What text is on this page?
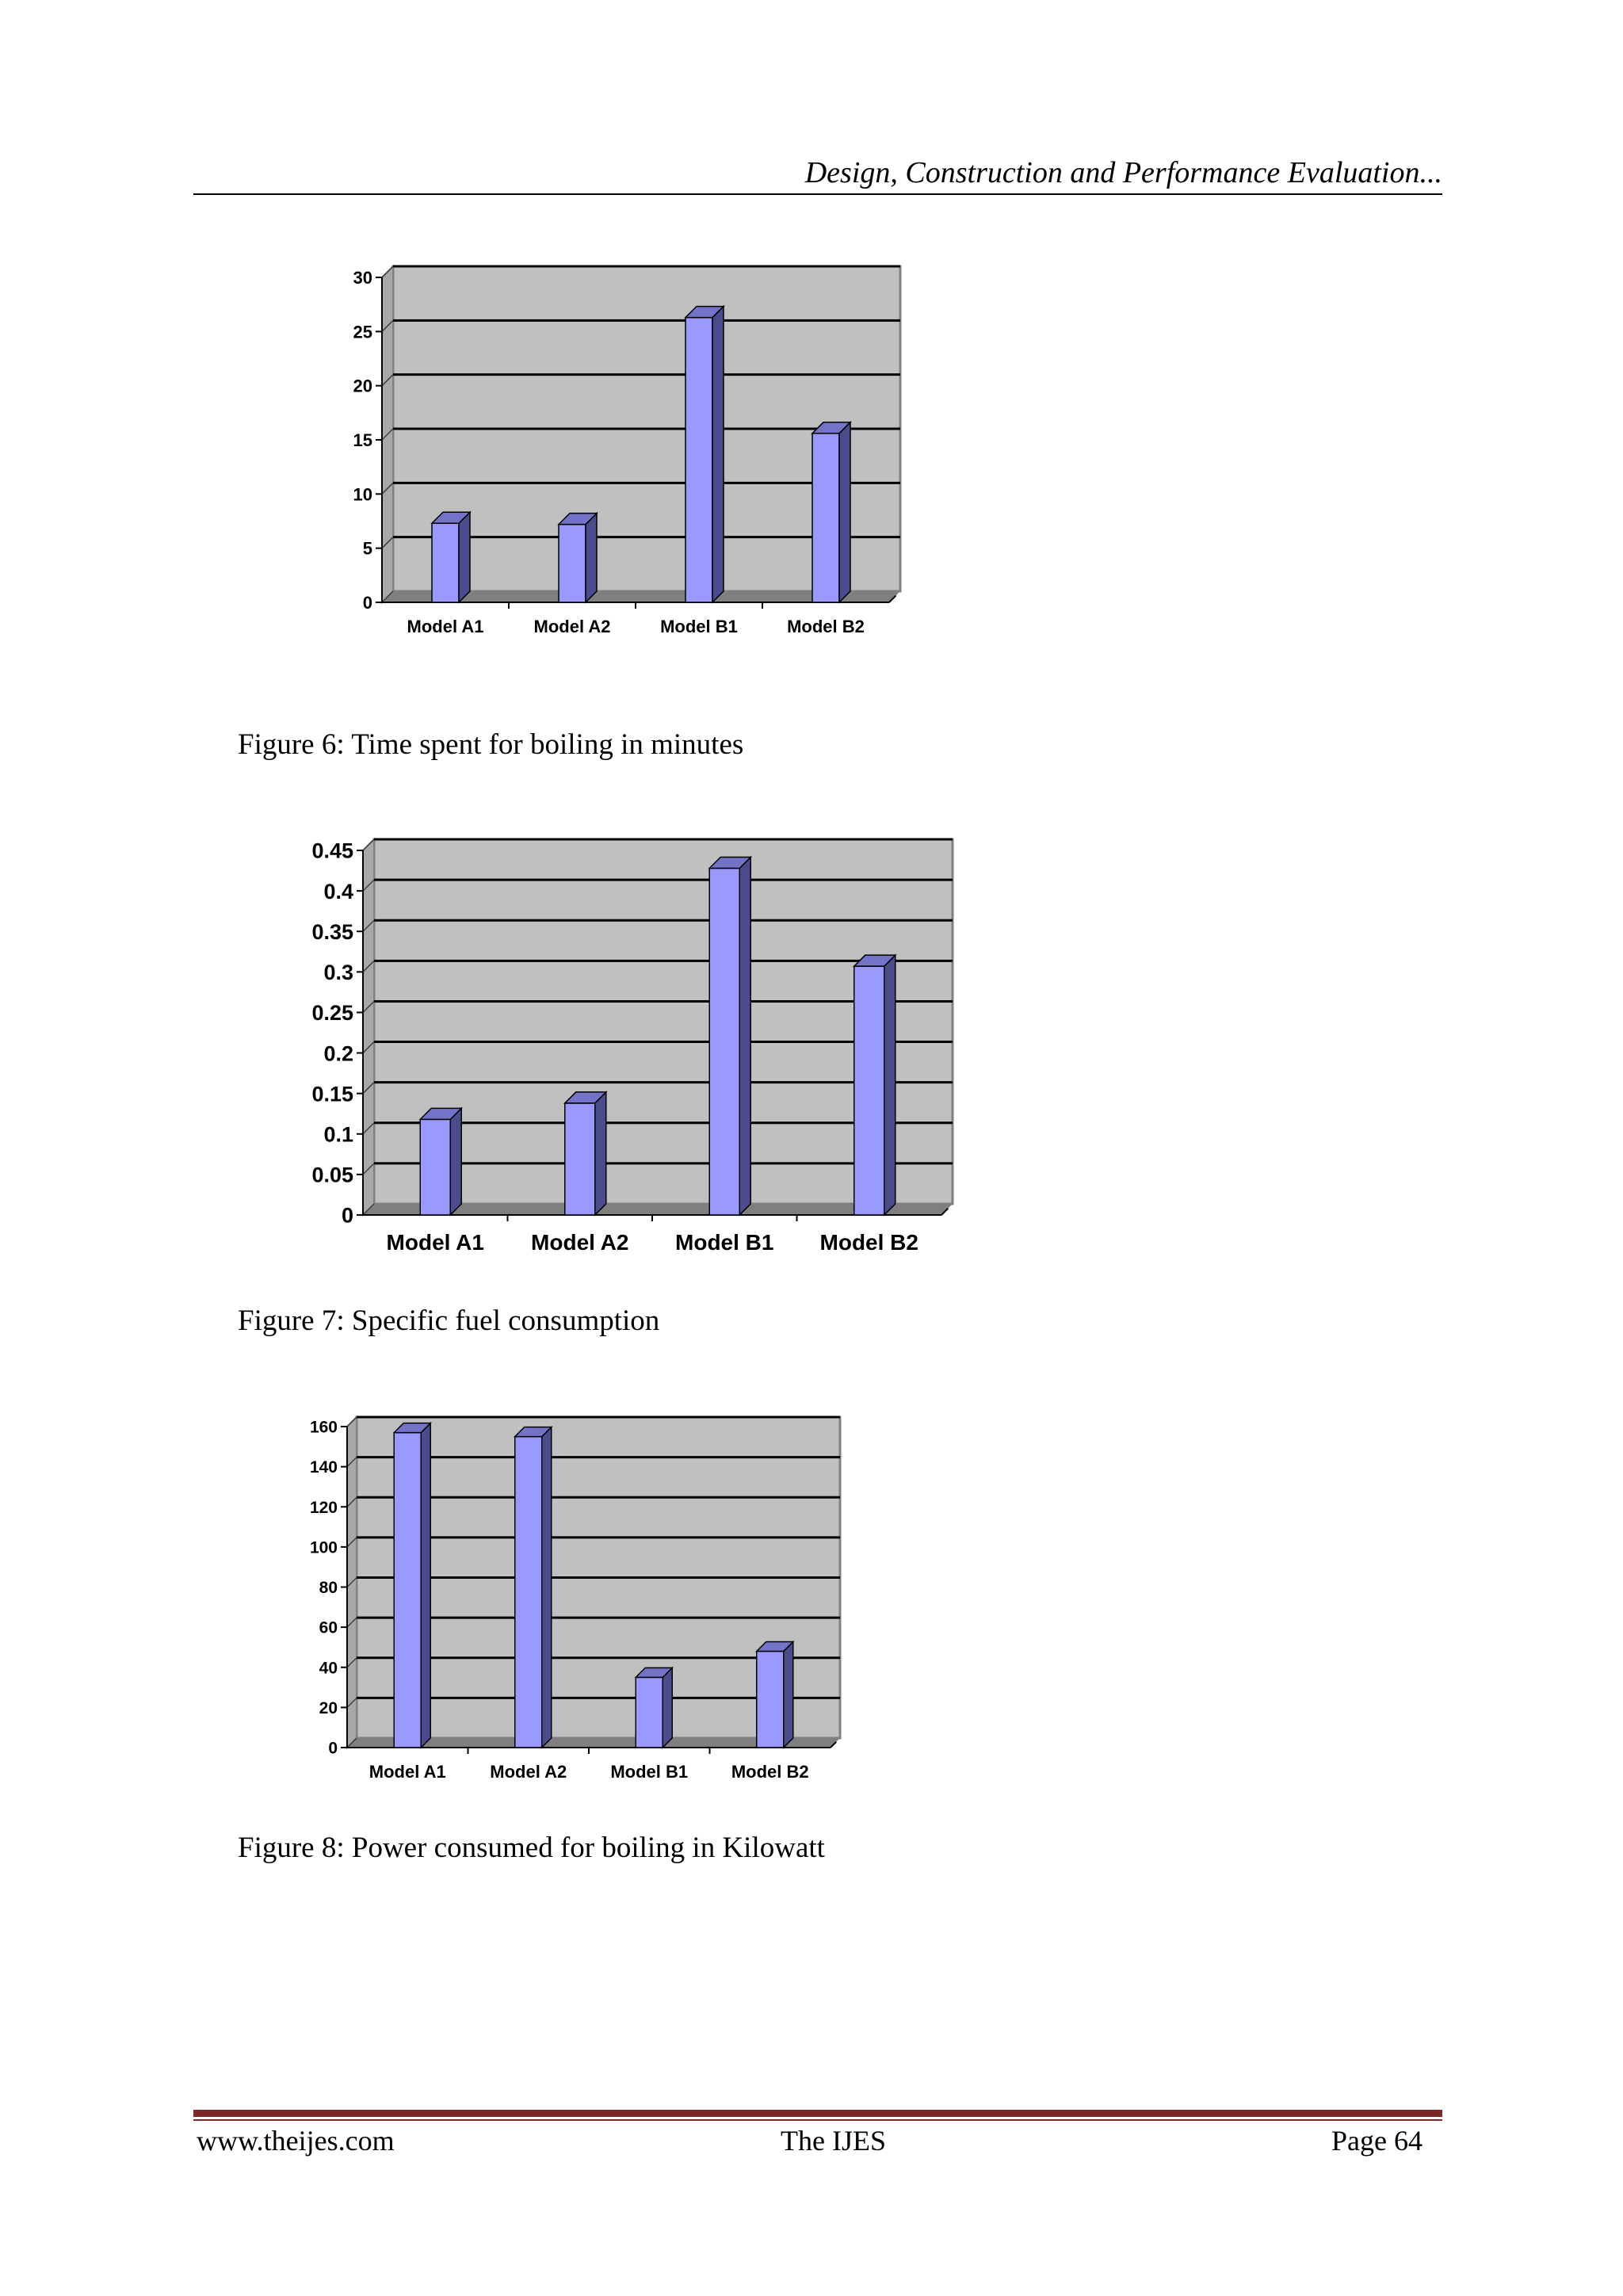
Design, Construction and Performance Evaluation...
0
5
10
15
20
25
30
Model A1	Model A2	Model B1	Model B2
Figure 6: Time spent for boiling in minutes
0
0.05
0.1
0.15
0.2
0.25
0.3
0.35
0.4
0.45
Model A1 Model A2 Model B1 Model B2
Figure 7: Specific fuel consumption
0
20
40
60
80
100
120
140
160
Model A1	Model A2	Model B1 Model B2
Figure 8: Power consumed for boiling in Kilowatt
www.theijes.com	The IJES	Page 64
